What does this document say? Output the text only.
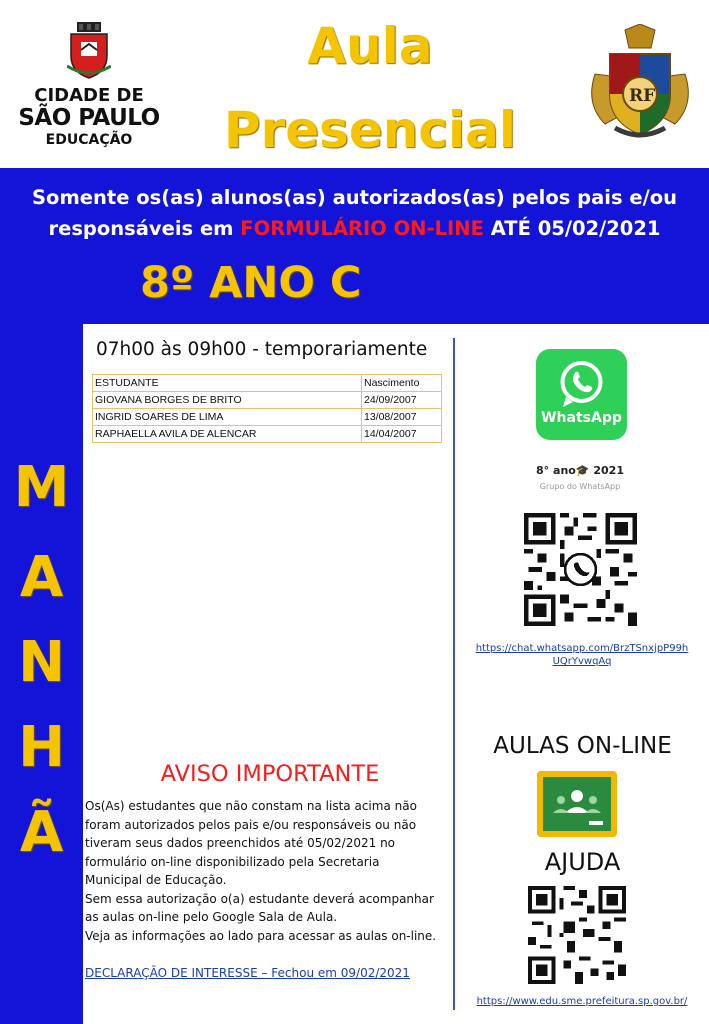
CIDADE DE
SÃO PAULO
EDUCAÇÃO
Aula
Presencial
RF
Somente os(as) alunos(as) autorizados(as) pelos pais e/ou
responsáveis em FORMULÁRIO ON-LINE ATÉ 05/02/2021
8º ANO C
M
A
N
H
Ã
07h00 às 09h00 - temporariamente
ESTUDANTE	Nascimento
GIOVANA BORGES DE BRITO	24/09/2007
INGRID SOARES DE LIMA	13/08/2007
RAPHAELLA AVILA DE ALENCAR	14/04/2007
WhatsApp
8° ano🎓 2021
Grupo do WhatsApp
https://chat.whatsapp.com/BrzTSnxjpP99h
UQrYvwqAq
AULAS ON-LINE
AJUDA
https://www.edu.sme.prefeitura.sp.gov.br/
AVISO IMPORTANTE
Os(As) estudantes que não constam na lista acima não
foram autorizados pelos pais e/ou responsáveis ou não
tiveram seus dados preenchidos até 05/02/2021 no
formulário on-line disponibilizado pela Secretaria
Municipal de Educação.
Sem essa autorização o(a) estudante deverá acompanhar
as aulas on-line pelo Google Sala de Aula.
Veja as informações ao lado para acessar as aulas on-line.
DECLARAÇÃO DE INTERESSE – Fechou em 09/02/2021
